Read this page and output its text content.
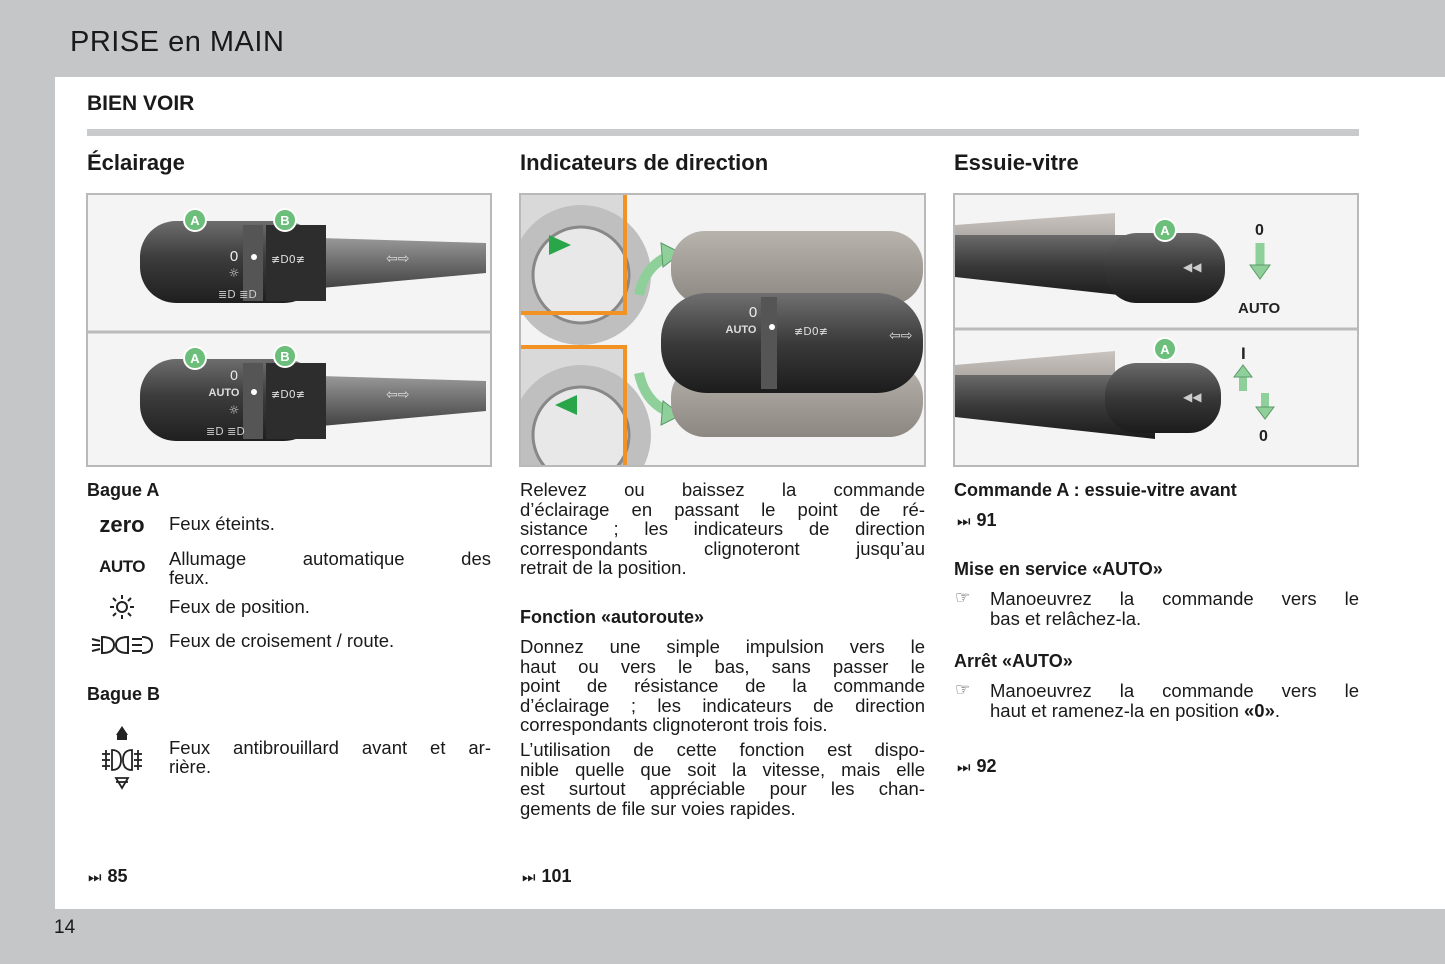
PRISE en MAIN
BIEN VOIR
Éclairage
A	B
0
☼
≢D0≢
≣D ≣D
⇦⇨
A	B
0
AUTO
☼
≢D0≢
≣D ≣D
⇦⇨
Bague A
zero	Feux éteints.
AUTO	Allumage automatique des
feux.
Feux de position.
Feux de croisement / route.
Bague B
Feux antibrouillard avant et ar-
rière.
⏭ 85
Indicateurs de direction
0
AUTO	≢D0≢	⇦⇨
Relevez ou baissez la commande
d’éclairage en passant le point de ré-
sistance ; les indicateurs de direction
correspondants clignoteront jusqu’au
retrait de la position.
Fonction «autoroute»
Donnez une simple impulsion vers le
haut ou vers le bas, sans passer le
point de résistance de la commande
d’éclairage ; les indicateurs de direction
correspondants clignoteront trois fois.
L’utilisation de cette fonction est dispo-
nible quelle que soit la vitesse, mais elle
est surtout appréciable pour les chan-
gements de file sur voies rapides.
⏭ 101
Essuie-vitre
A
◀◀
0
AUTO
A
◀◀
I
0
Commande A : essuie-vitre avant
⏭ 91
Mise en service «AUTO»
☞ Manoeuvrez la commande vers le
bas et relâchez-la.
Arrêt «AUTO»
☞ Manoeuvrez la commande vers le
haut et ramenez-la en position «0».
⏭ 92
14
